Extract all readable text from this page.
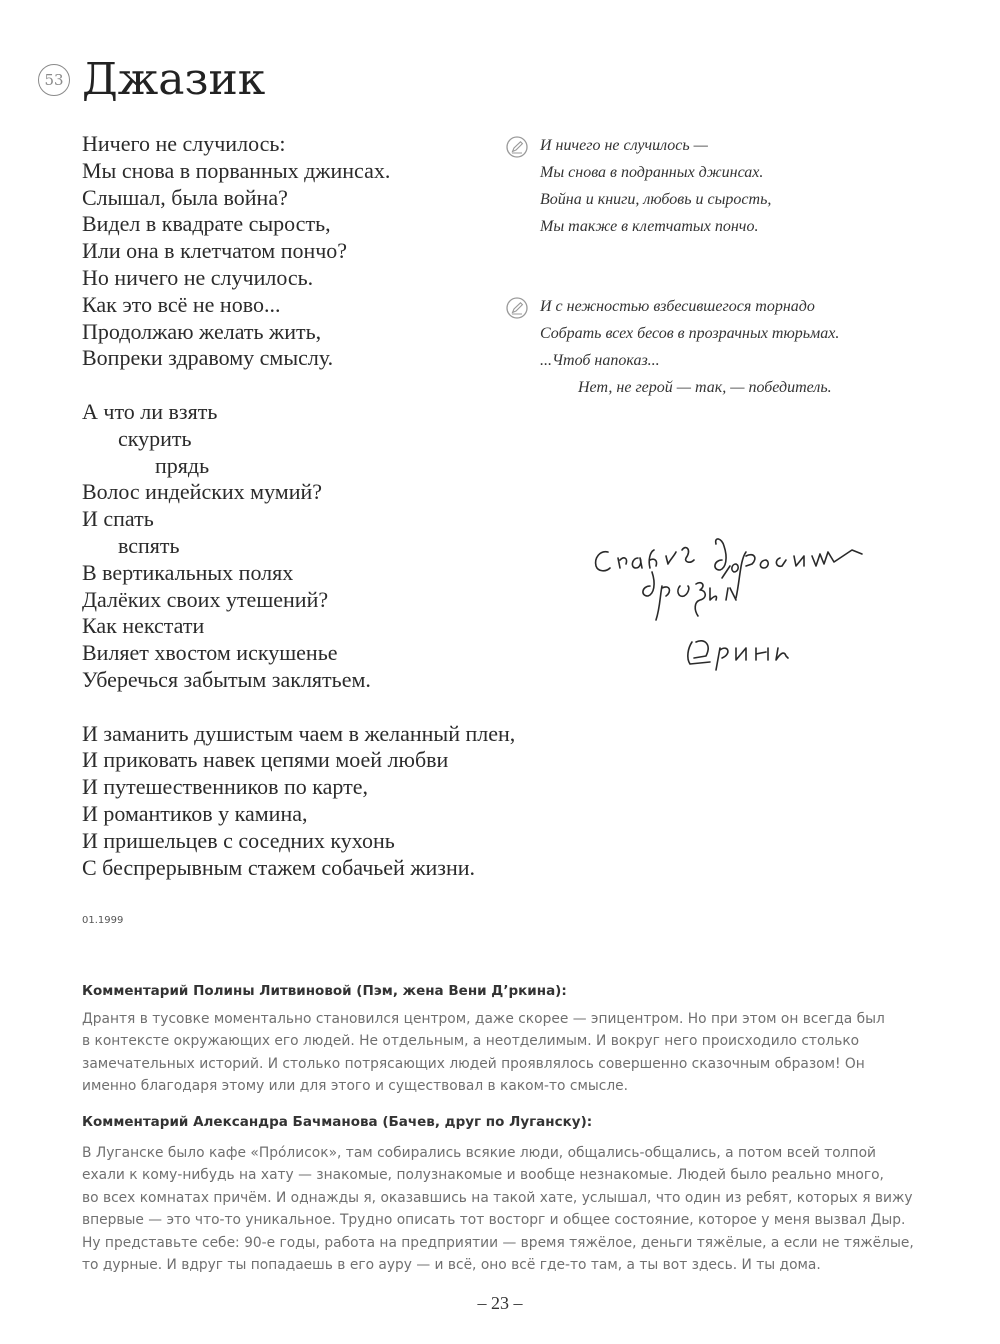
53 Джазик
Ничего не случилось:
Мы снова в порванных джинсах.
Слышал, была война?
Видел в квадрате сырость,
Или она в клетчатом пончо?
Но ничего не случилось.
Как это всё не ново...
Продолжаю желать жить,
Вопреки здравому смыслу.
А что ли взять
скурить
прядь
Волос индейских мумий?
И спать
вспять
В вертикальных полях
Далёких своих утешений?
Как некстати
Виляет хвостом искушенье
Уберечься забытым заклятьем.
И заманить душистым чаем в желанный плен,
И приковать навек цепями моей любви
И путешественников по карте,
И романтиков у камина,
И пришельцев с соседних кухонь
С беспрерывным стажем собачьей жизни.
И ничего не случилось —
Мы снова в подранных джинсах.
Война и книги, любовь и сырость,
Мы также в клетчатых пончо.
И с нежностью взбесившегося торнадо
Собрать всех бесов в прозрачных тюрьмах.
...Чтоб напоказ...
Нет, не герой — так, — победитель.
01.1999
Комментарий Полины Литвиновой (Пэм, жена Вени Д’ркина):
Дрантя в тусовке моментально становился центром, даже скорее — эпицентром. Но при этом он всегда был
в контексте окружающих его людей. Не отдельным, а неотделимым. И вокруг него происходило столько
замечательных историй. И столько потрясающих людей проявлялось совершенно сказочным образом! Он
именно благодаря этому или для этого и существовал в каком-то смысле.
Комментарий Александра Бачманова (Бачев, друг по Луганску):
В Луганске было кафе «Про́лисок», там собирались всякие люди, общались-общались, а потом всей толпой
ехали к кому-нибудь на хату — знакомые, полузнакомые и вообще незнакомые. Людей было реально много,
во всех комнатах причём. И однажды я, оказавшись на такой хате, услышал, что один из ребят, которых я вижу
впервые — это что-то уникальное. Трудно описать тот восторг и общее состояние, которое у меня вызвал Дыр.
Ну представьте себе: 90-е годы, работа на предприятии — время тяжёлое, деньги тяжёлые, а если не тяжёлые,
то дурные. И вдруг ты попадаешь в его ауру — и всё, оно всё где-то там, а ты вот здесь. И ты дома.
– 23 –
